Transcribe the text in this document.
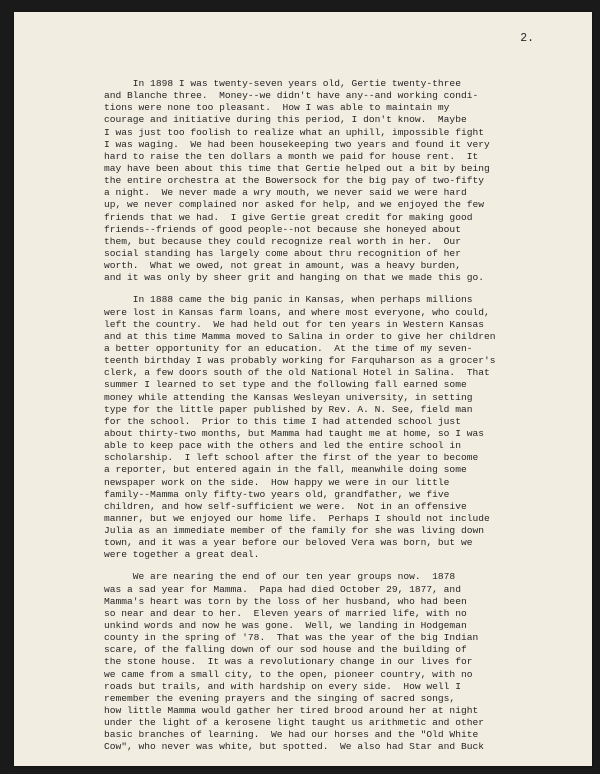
2.

In 1898 I was twenty-seven years old, Gertie twenty-three
and Blanche three.  Money--we didn't have any--and working condi-
tions were none too pleasant.  How I was able to maintain my
courage and initiative during this period, I don't know.  Maybe
I was just too foolish to realize what an uphill, impossible fight
I was waging.  We had been housekeeping two years and found it very
hard to raise the ten dollars a month we paid for house rent.  It
may have been about this time that Gertie helped out a bit by being
the entire orchestra at the Bowersock for the big pay of two-fifty
a night.  We never made a wry mouth, we never said we were hard
up, we never complained nor asked for help, and we enjoyed the few
friends that we had.  I give Gertie great credit for making good
friends--friends of good people--not because she honeyed about
them, but because they could recognize real worth in her.  Our
social standing has largely come about thru recognition of her
worth.  What we owed, not great in amount, was a heavy burden,
and it was only by sheer grit and hanging on that we made this go.
In 1888 came the big panic in Kansas, when perhaps millions
were lost in Kansas farm loans, and where most everyone, who could,
left the country.  We had held out for ten years in Western Kansas
and at this time Mamma moved to Salina in order to give her children
a better opportunity for an education.  At the time of my seven-
teenth birthday I was probably working for Farquharson as a grocer's
clerk, a few doors south of the old National Hotel in Salina.  That
summer I learned to set type and the following fall earned some
money while attending the Kansas Wesleyan university, in setting
type for the little paper published by Rev. A. N. See, field man
for the school.  Prior to this time I had attended school just
about thirty-two months, but Mamma had taught me at home, so I was
able to keep pace with the others and led the entire school in
scholarship.  I left school after the first of the year to become
a reporter, but entered again in the fall, meanwhile doing some
newspaper work on the side.  How happy we were in our little
family--Mamma only fifty-two years old, grandfather, we five
children, and how self-sufficient we were.  Not in an offensive
manner, but we enjoyed our home life.  Perhaps I should not include
Julia as an immediate member of the family for she was living down
town, and it was a year before our beloved Vera was born, but we
were together a great deal.
We are nearing the end of our ten year groups now.  1878
was a sad year for Mamma.  Papa had died October 29, 1877, and
Mamma's heart was torn by the loss of her husband, who had been
so near and dear to her.  Eleven years of married life, with no
unkind words and now he was gone.  Well, we landing in Hodgeman
county in the spring of '78.  That was the year of the big Indian
scare, of the falling down of our sod house and the building of
the stone house.  It was a revolutionary change in our lives for
we came from a small city, to the open, pioneer country, with no
roads but trails, and with hardship on every side.  How well I
remember the evening prayers and the singing of sacred songs,
how little Mamma would gather her tired brood around her at night
under the light of a kerosene light taught us arithmetic and other
basic branches of learning.  We had our horses and the "Old White
Cow", who never was white, but spotted.  We also had Star and Buck
